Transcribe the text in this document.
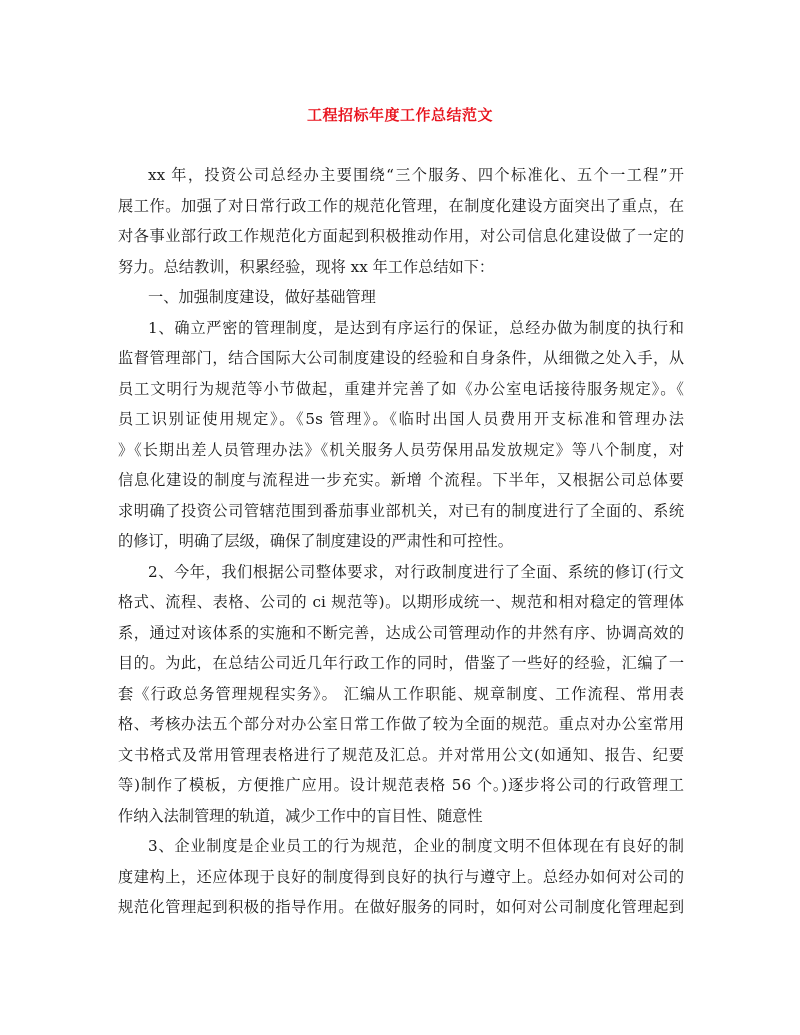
工程招标年度工作总结范文
xx 年，投资公司总经办主要围绕“三个服务、四个标准化、五个一工程”开
展工作。加强了对日常行政工作的规范化管理，在制度化建设方面突出了重点，在
对各事业部行政工作规范化方面起到积极推动作用，对公司信息化建设做了一定的
努力。总结教训，积累经验，现将 xx 年工作总结如下：
一、加强制度建设，做好基础管理
1、确立严密的管理制度，是达到有序运行的保证，总经办做为制度的执行和
监督管理部门，结合国际大公司制度建设的经验和自身条件，从细微之处入手，从
员工文明行为规范等小节做起，重建并完善了如《办公室电话接待服务规定》。《
员工识别证使用规定》。《5s 管理》。《临时出国人员费用开支标准和管理办法
》《长期出差人员管理办法》《机关服务人员劳保用品发放规定》等八个制度，对
信息化建设的制度与流程进一步充实。新增 个流程。下半年，又根据公司总体要
求明确了投资公司管辖范围到番茄事业部机关，对已有的制度进行了全面的、系统
的修订，明确了层级，确保了制度建设的严肃性和可控性。
2、今年，我们根据公司整体要求，对行政制度进行了全面、系统的修订(行文
格式、流程、表格、公司的 ci 规范等)。以期形成统一、规范和相对稳定的管理体
系，通过对该体系的实施和不断完善，达成公司管理动作的井然有序、协调高效的
目的。为此，在总结公司近几年行政工作的同时，借鉴了一些好的经验，汇编了一
套《行政总务管理规程实务》。 汇编从工作职能、规章制度、工作流程、常用表
格、考核办法五个部分对办公室日常工作做了较为全面的规范。重点对办公室常用
文书格式及常用管理表格进行了规范及汇总。并对常用公文(如通知、报告、纪要
等)制作了模板，方便推广应用。设计规范表格 56 个。)逐步将公司的行政管理工
作纳入法制管理的轨道，减少工作中的盲目性、随意性
3、企业制度是企业员工的行为规范，企业的制度文明不但体现在有良好的制
度建构上，还应体现于良好的制度得到良好的执行与遵守上。总经办如何对公司的
规范化管理起到积极的指导作用。在做好服务的同时，如何对公司制度化管理起到
